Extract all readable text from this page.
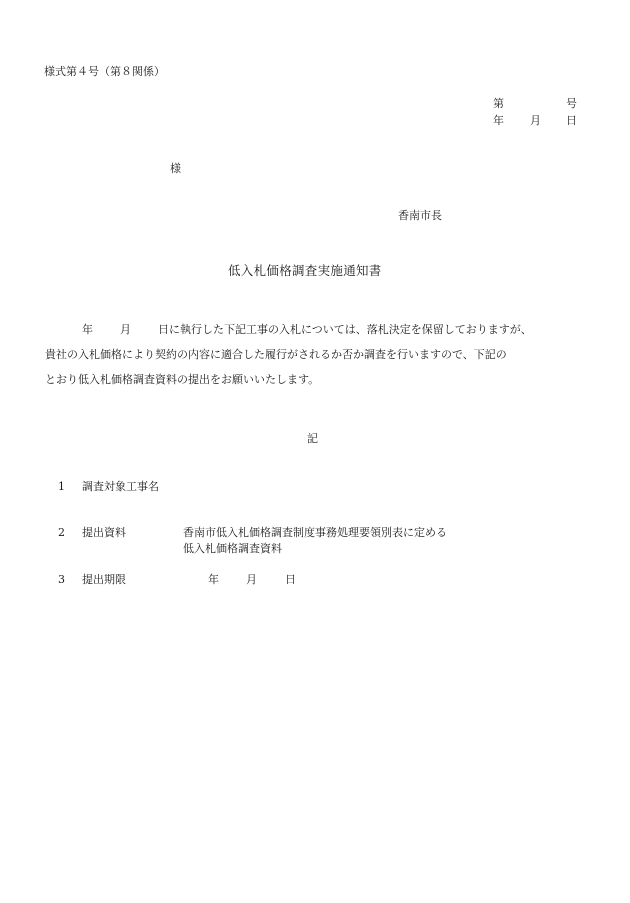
様式第４号（第８関係）
第	号
年 月 日
様
香南市長
低入札価格調査実施通知書
年 月 日に執行した下記工事の入札については、落札決定を保留しておりますが、
貴社の入札価格により契約の内容に適合した履行がされるか否か調査を行いますので、下記の
とおり低入札価格調査資料の提出をお願いいたします。
記
1 調査対象工事名
2 提出資料	香南市低入札価格調査制度事務処理要領別表に定める
低入札価格調査資料
3 提出期限	年 月	日
